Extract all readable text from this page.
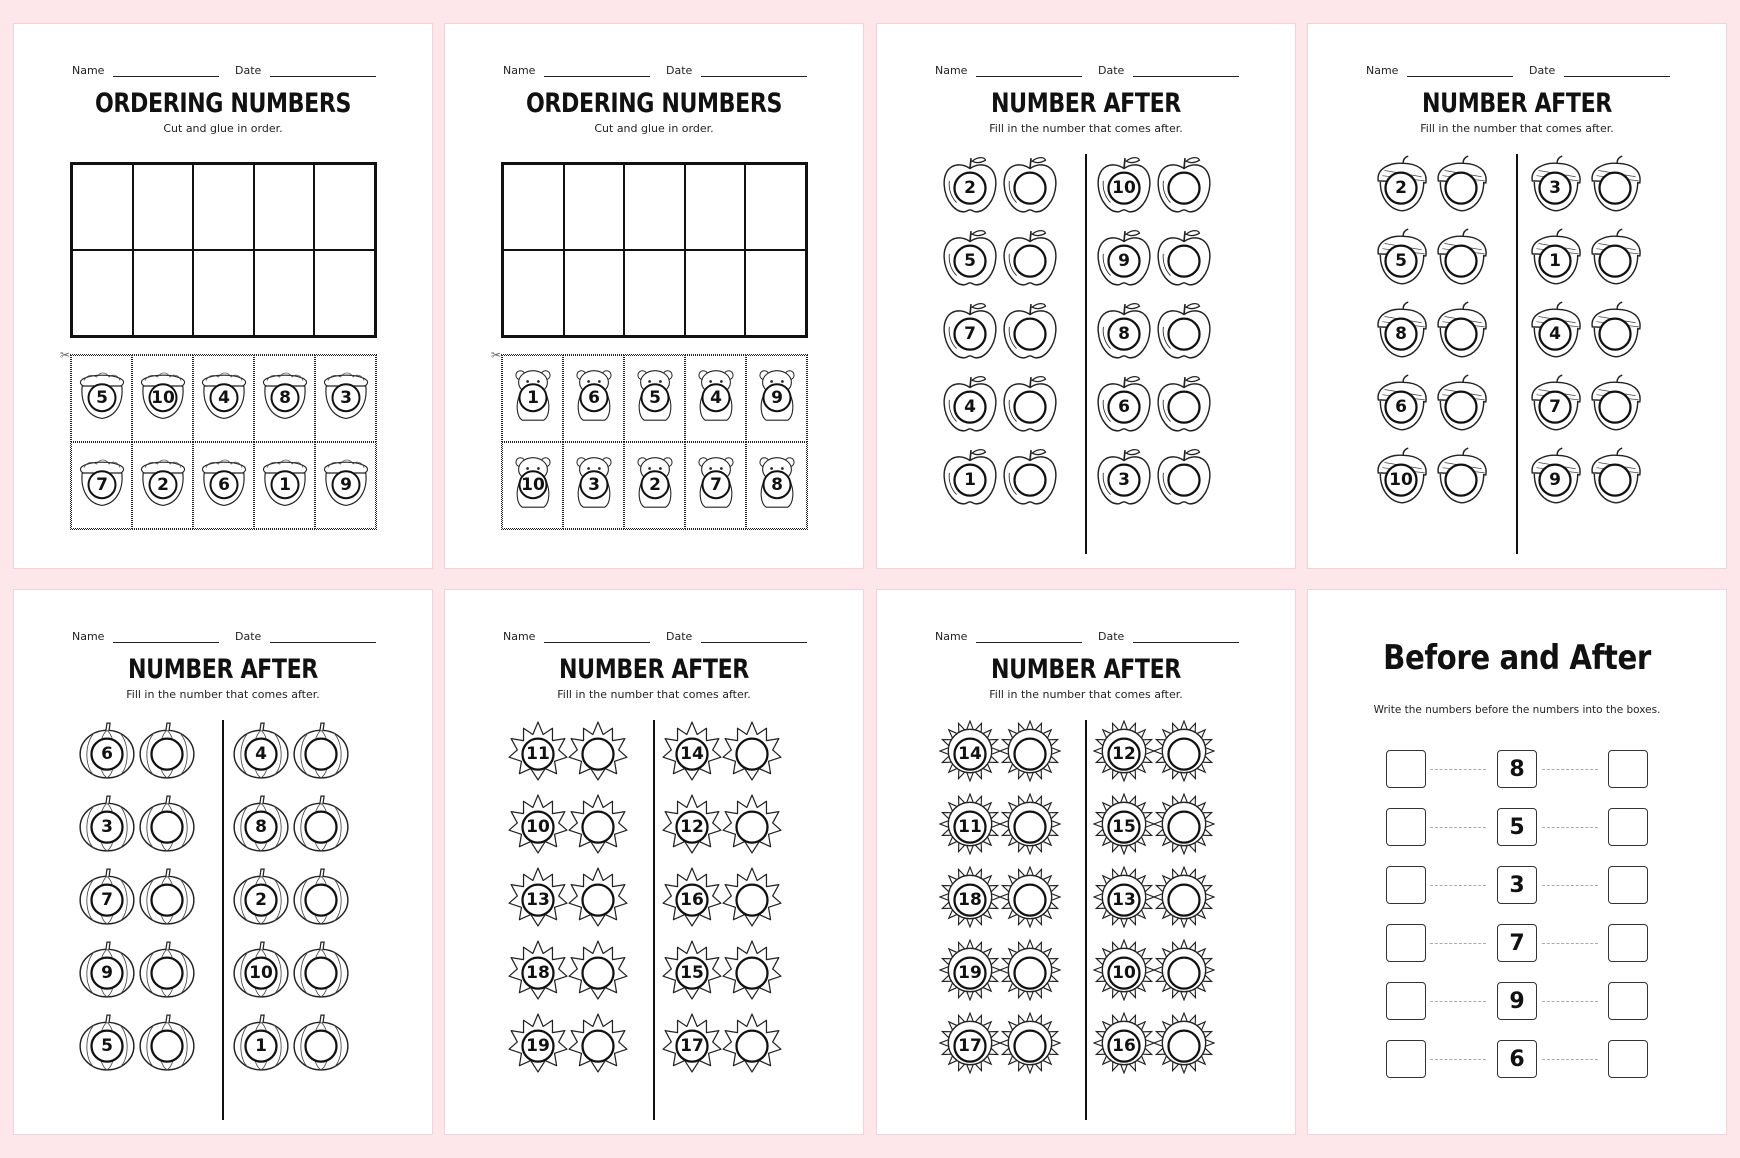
Name	Date
ORDERING NUMBERS
Cut and glue in order.
✂
5	10	4	8	3
7	2	6	1	9
Name	Date
ORDERING NUMBERS
Cut and glue in order.
✂
1	6	5	4	9
10	3	2	7	8
Name	Date
NUMBER AFTER
Fill in the number that comes after.
2
5
7
4
1
10
9
8
6
3
Name	Date
NUMBER AFTER
Fill in the number that comes after.
2
5
8
6
10
3
1
4
7
9
Name	Date
NUMBER AFTER
Fill in the number that comes after.
6
3
7
9
5
4
8
2
10
1
Name	Date
NUMBER AFTER
Fill in the number that comes after.
11
10
13
18
19
14
12
16
15
17
Name	Date
NUMBER AFTER
Fill in the number that comes after.
14
11
18
19
17
12
15
13
10
16
Before and After
Write the numbers before the numbers into the boxes.
8
5
3
7
9
6
